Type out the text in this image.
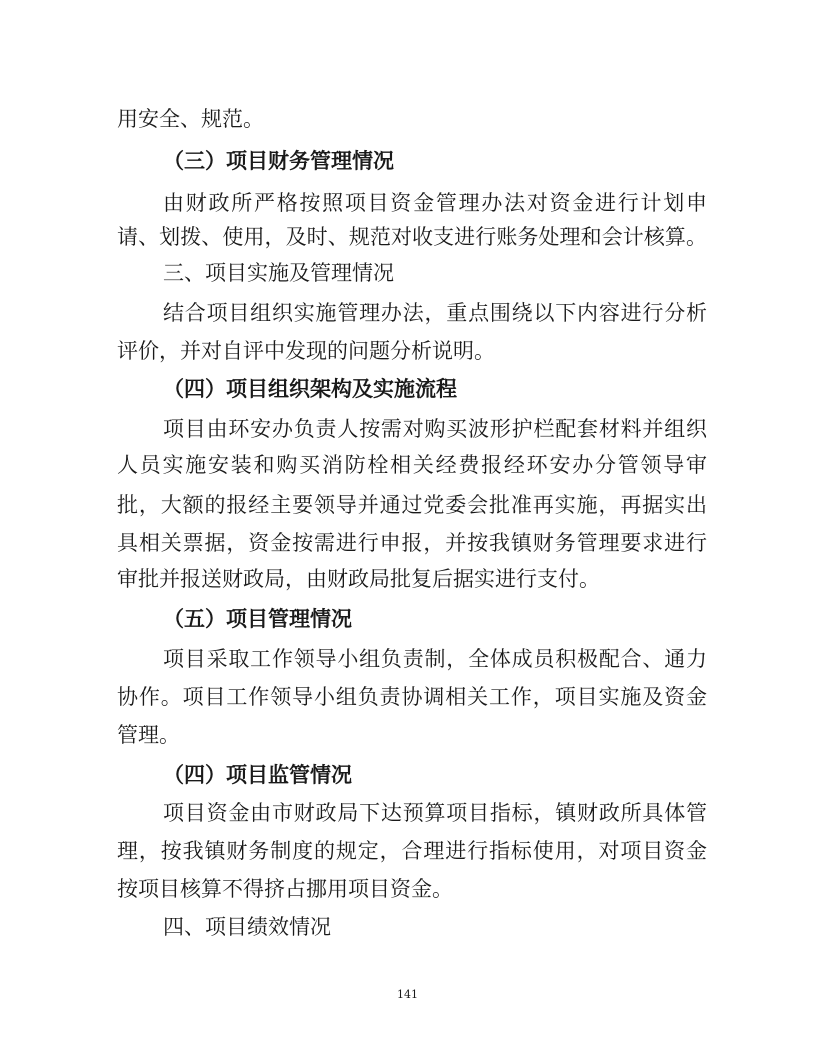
用安全、规范。
（三）项目财务管理情况
由财政所严格按照项目资金管理办法对资金进行计划申
请、划拨、使用，及时、规范对收支进行账务处理和会计核算。
三、项目实施及管理情况
结合项目组织实施管理办法，重点围绕以下内容进行分析
评价，并对自评中发现的问题分析说明。
（四）项目组织架构及实施流程
项目由环安办负责人按需对购买波形护栏配套材料并组织
人员实施安装和购买消防栓相关经费报经环安办分管领导审
批，大额的报经主要领导并通过党委会批准再实施，再据实出
具相关票据，资金按需进行申报，并按我镇财务管理要求进行
审批并报送财政局，由财政局批复后据实进行支付。
（五）项目管理情况
项目采取工作领导小组负责制，全体成员积极配合、通力
协作。项目工作领导小组负责协调相关工作，项目实施及资金
管理。
（四）项目监管情况
项目资金由市财政局下达预算项目指标，镇财政所具体管
理，按我镇财务制度的规定，合理进行指标使用，对项目资金
按项目核算不得挤占挪用项目资金。
四、项目绩效情况
141
